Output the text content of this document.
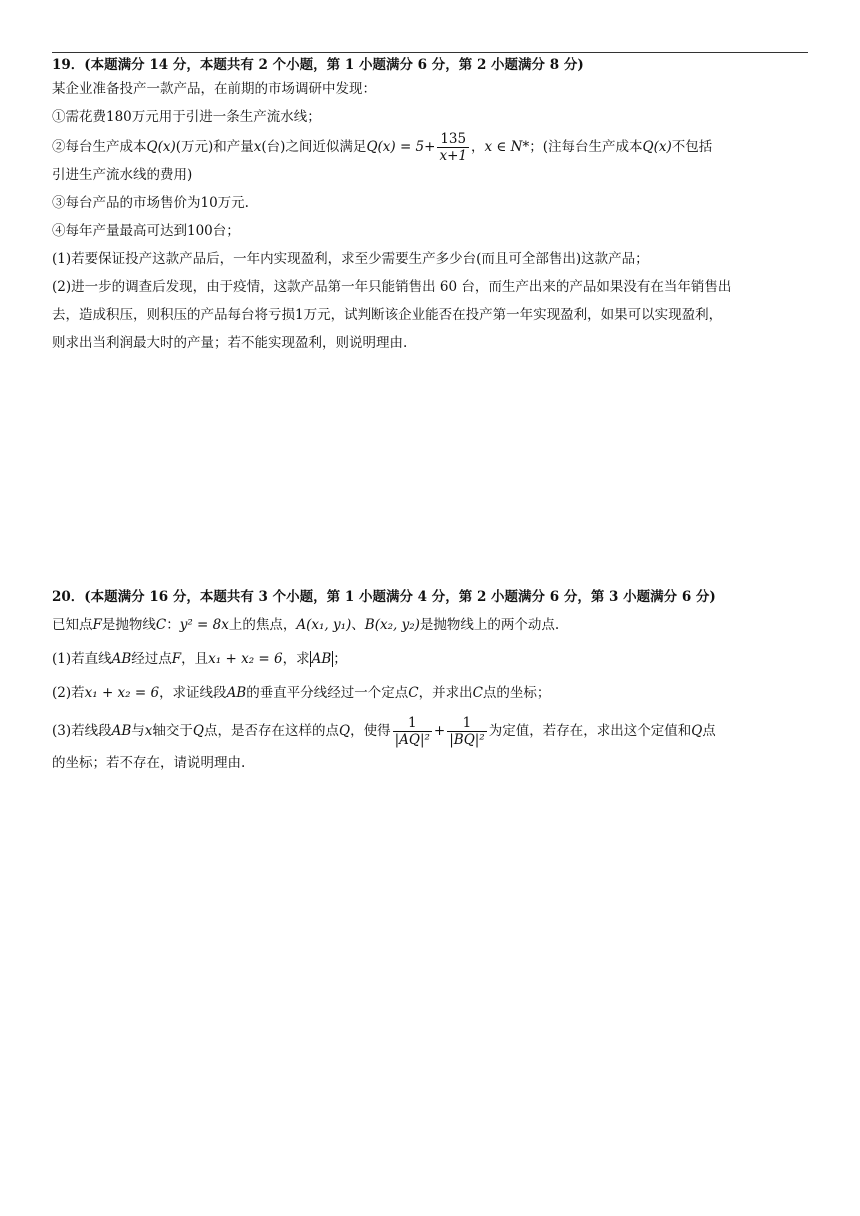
19．(本题满分 14 分，本题共有 2 个小题，第 1 小题满分 6 分，第 2 小题满分 8 分)

某企业准备投产一款产品，在前期的市场调研中发现：

①需花费180万元用于引进一条生产流水线；

②每台生产成本Q(x)(万元)和产量x(台)之间近似满足$Q(x) = 5+ \frac{135}{x+1}$ ，x ∈ N*；(注每台生产成本Q(x)不包括

引进生产流水线的费用)

③每台产品的市场售价为10万元.

④每年产量最高可达到100台；

(1)若要保证投产这款产品后，一年内实现盈利，求至少需要生产多少台(而且可全部售出)这款产品；

(2)进一步的调查后发现，由于疫情，这款产品第一年只能销售出 60 台，而生产出来的产品如果没有在当年销售出

去，造成积压，则积压的产品每台将亏损1万元，试判断该企业能否在投产第一年实现盈利，如果可以实现盈利，

则求出当利润最大时的产量；若不能实现盈利，则说明理由.

20．(本题满分 16 分，本题共有 3 个小题，第 1 小题满分 4 分，第 2 小题满分 6 分，第 3 小题满分 6 分)

已知点F是抛物线C：y² = 8x上的焦点，A(x₁, y₁)、B(x₂, y₂)是抛物线上的两个动点.

(1)若直线AB经过点F，且x₁ + x₂ = 6，求 AB ；

(2)若x₁ + x₂ = 6，求证线段AB的垂直平分线经过一个定点C，并求出C点的坐标；

(3)若线段AB与x轴交于Q点，是否存在这样的点Q，使得 $\frac{1}{\text{|AQ|²}} + \frac{1}{\text{|BQ|²}}$ 为定值，若存在，求出这个定值和Q点

的坐标；若不存在，请说明理由.
